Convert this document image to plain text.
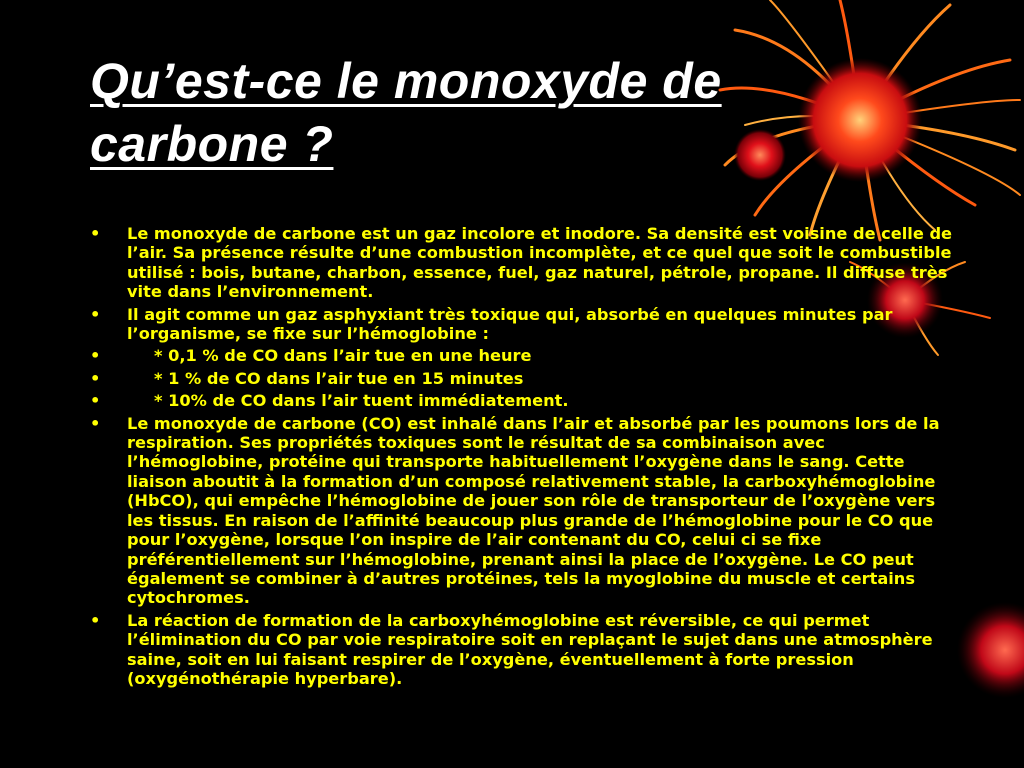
Qu’est-ce le monoxyde de carbone ?
• Le monoxyde de carbone est un gaz incolore et inodore. Sa densité est voisine de celle de l’air. Sa présence résulte d’une combustion incomplète, et ce quel que soit le combustible utilisé : bois, butane, charbon, essence, fuel, gaz naturel, pétrole, propane. Il diffuse très vite dans l’environnement.
• Il agit comme un gaz asphyxiant très toxique qui, absorbé en quelques minutes par l’organisme, se fixe sur l’hémoglobine :
•	* 0,1 % de CO dans l’air tue en une heure
•	* 1 % de CO dans l’air tue en 15 minutes
•	* 10% de CO dans l’air tuent immédiatement.
• Le monoxyde de carbone (CO) est inhalé dans l’air et absorbé par les poumons lors de la respiration. Ses propriétés toxiques sont le résultat de sa combinaison avec l’hémoglobine, protéine qui transporte habituellement l’oxygène dans le sang. Cette liaison aboutit à la formation d’un composé relativement stable, la carboxyhémoglobine (HbCO), qui empêche l’hémoglobine de jouer son rôle de transporteur de l’oxygène vers les tissus. En raison de l’affinité beaucoup plus grande de l’hémoglobine pour le CO que pour l’oxygène, lorsque l’on inspire de l’air contenant du CO, celui ci se fixe préférentiellement sur l’hémoglobine, prenant ainsi la place de l’oxygène. Le CO peut également se combiner à d’autres protéines, tels la myoglobine du muscle et certains cytochromes.
• La réaction de formation de la carboxyhémoglobine est réversible, ce qui permet l’élimination du CO par voie respiratoire soit en replaçant le sujet dans une atmosphère saine, soit en lui faisant respirer de l’oxygène, éventuellement à forte pression (oxygénothérapie hyperbare).
